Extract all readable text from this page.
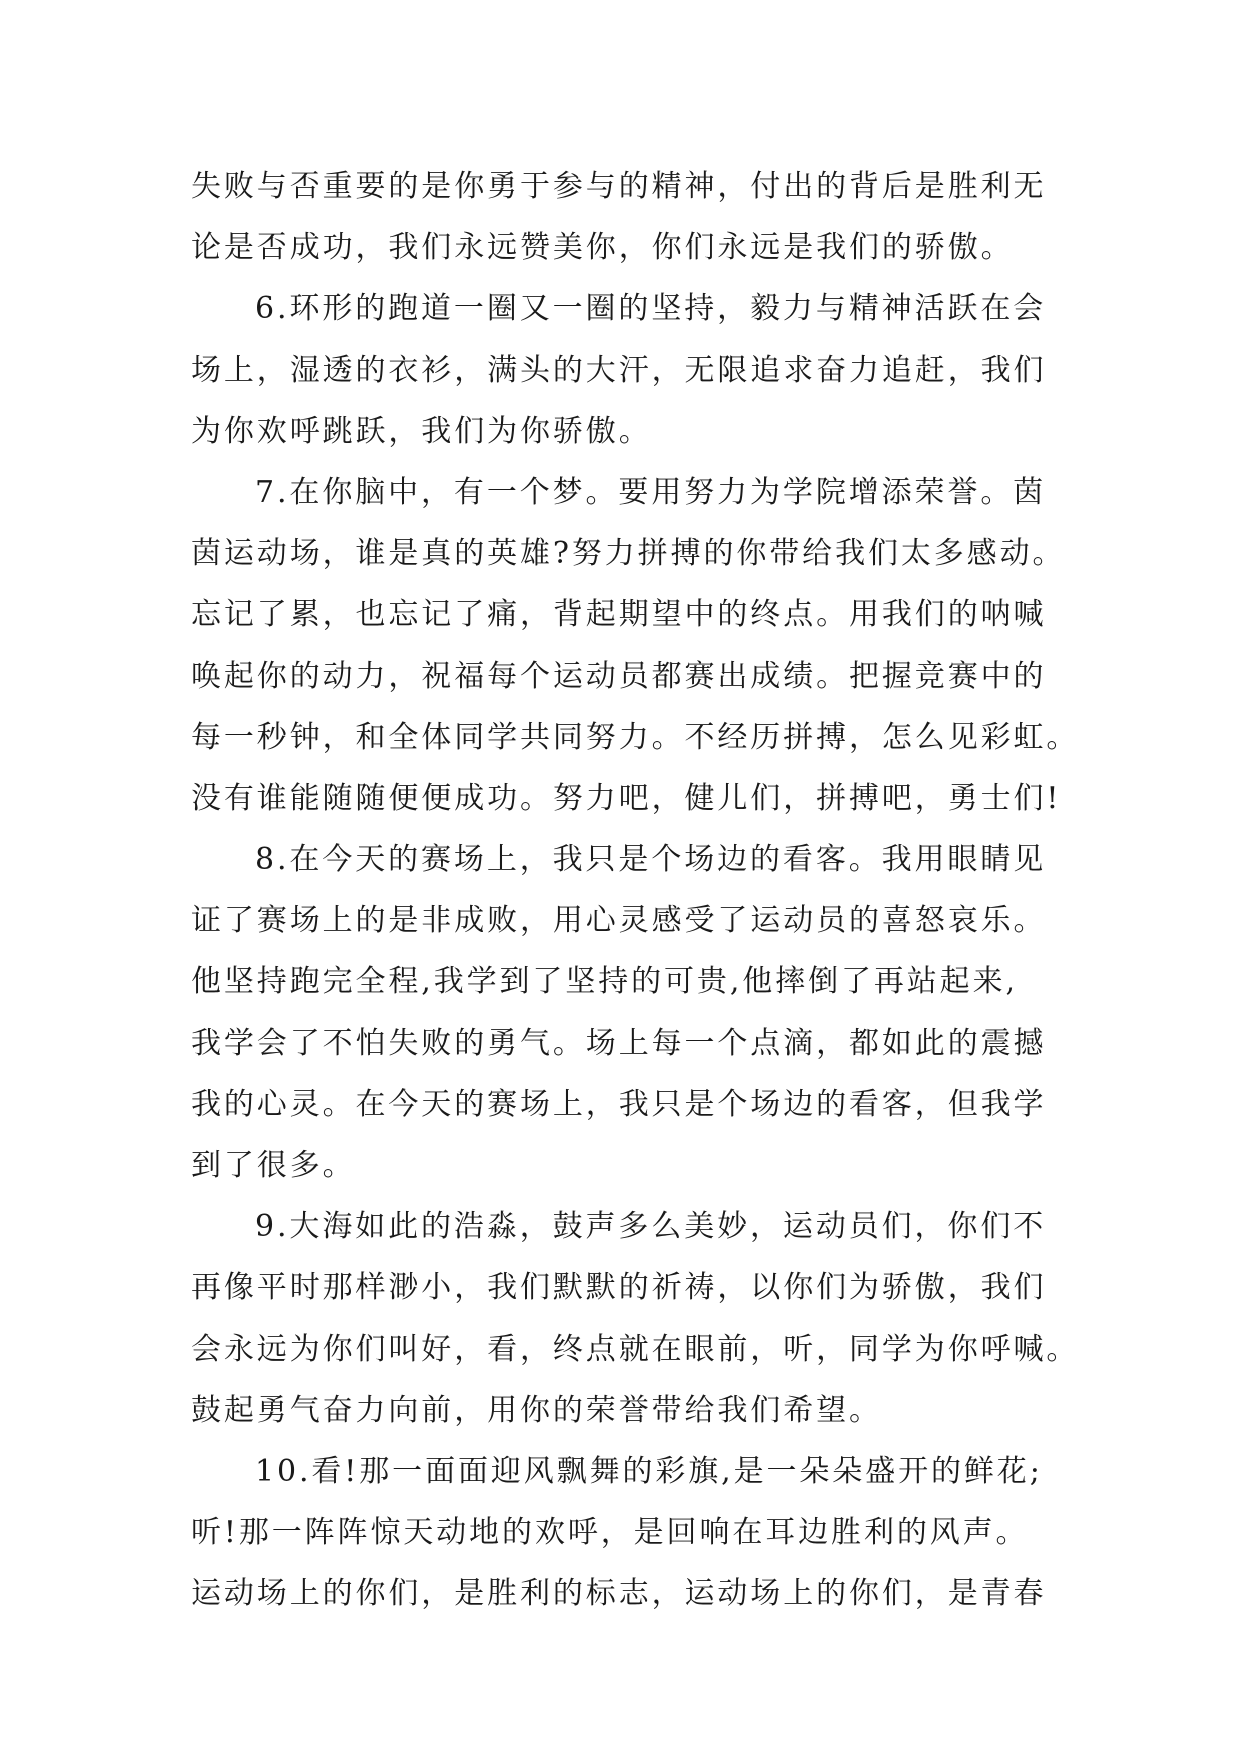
失败与否重要的是你勇于参与的精神，付出的背后是胜利无
论是否成功，我们永远赞美你，你们永远是我们的骄傲。
6.环形的跑道一圈又一圈的坚持，毅力与精神活跃在会
场上，湿透的衣衫，满头的大汗，无限追求奋力追赶，我们
为你欢呼跳跃，我们为你骄傲。
7.在你脑中，有一个梦。要用努力为学院增添荣誉。茵
茵运动场，谁是真的英雄?努力拼搏的你带给我们太多感动。
忘记了累，也忘记了痛，背起期望中的终点。用我们的呐喊
唤起你的动力，祝福每个运动员都赛出成绩。把握竞赛中的
每一秒钟，和全体同学共同努力。不经历拼搏，怎么见彩虹。
没有谁能随随便便成功。努力吧，健儿们，拼搏吧，勇士们!
8.在今天的赛场上，我只是个场边的看客。我用眼睛见
证了赛场上的是非成败，用心灵感受了运动员的喜怒哀乐。
他坚持跑完全程,我学到了坚持的可贵,他摔倒了再站起来,
我学会了不怕失败的勇气。场上每一个点滴，都如此的震撼
我的心灵。在今天的赛场上，我只是个场边的看客，但我学
到了很多。
9.大海如此的浩淼，鼓声多么美妙，运动员们，你们不
再像平时那样渺小，我们默默的祈祷，以你们为骄傲，我们
会永远为你们叫好，看，终点就在眼前，听，同学为你呼喊。
鼓起勇气奋力向前，用你的荣誉带给我们希望。
10.看!那一面面迎风飘舞的彩旗,是一朵朵盛开的鲜花;
听!那一阵阵惊天动地的欢呼，是回响在耳边胜利的风声。
运动场上的你们，是胜利的标志，运动场上的你们，是青春
